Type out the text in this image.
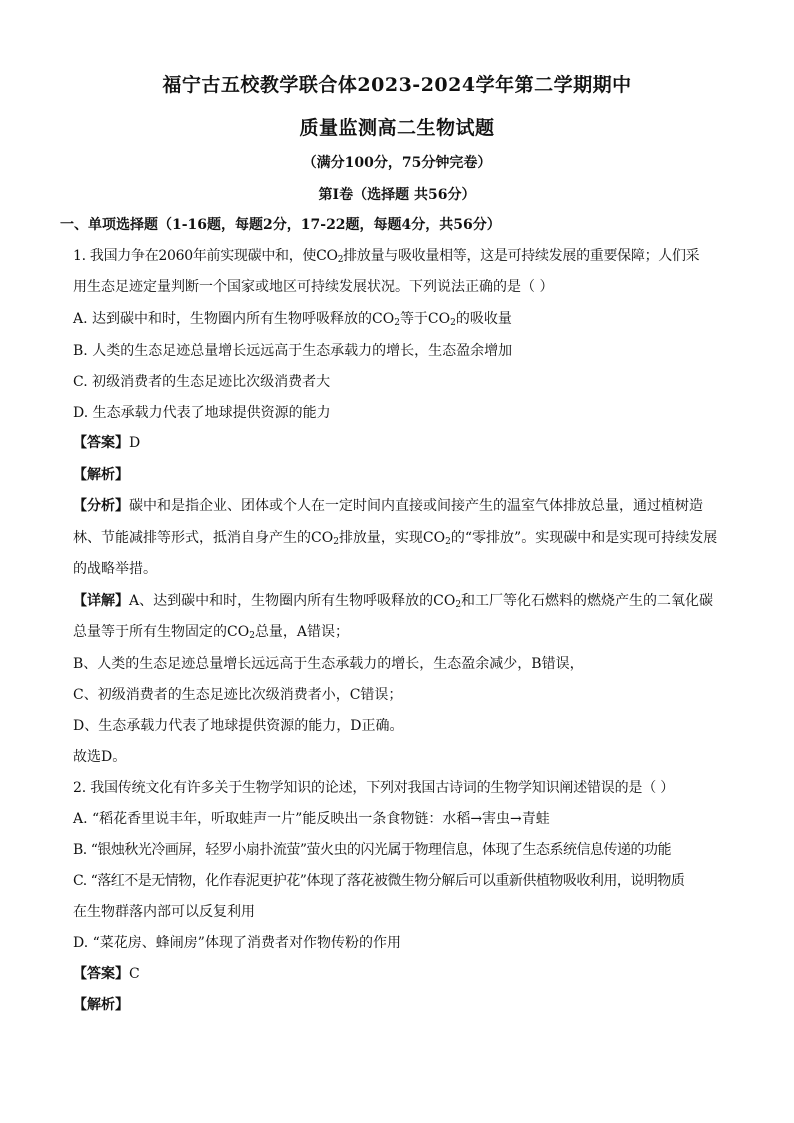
福宁古五校教学联合体2023-2024学年第二学期期中
质量监测高二生物试题
（满分100分，75分钟完卷）
第Ⅰ卷（选择题 共56分）
一、单项选择题（1-16题，每题2分，17-22题，每题4分，共56分）
1. 我国力争在2060年前实现碳中和，使$CO_2$排放量与吸收量相等，这是可持续发展的重要保障；人们采
用生态足迹定量判断一个国家或地区可持续发展状况。下列说法正确的是（ ）
A. 达到碳中和时，生物圈内所有生物呼吸释放的$CO_2$等于$CO_2$的吸收量
B. 人类的生态足迹总量增长远远高于生态承载力的增长，生态盈余增加
C. 初级消费者的生态足迹比次级消费者大
D. 生态承载力代表了地球提供资源的能力
【答案】D
【解析】
【分析】碳中和是指企业、团体或个人在一定时间内直接或间接产生的温室气体排放总量，通过植树造
林、节能减排等形式，抵消自身产生的$CO_2$排放量，实现$CO_2$的“零排放”。实现碳中和是实现可持续发展
的战略举措。
【详解】A、达到碳中和时，生物圈内所有生物呼吸释放的$CO_2$和工厂等化石燃料的燃烧产生的二氧化碳
总量等于所有生物固定的$CO_2$总量，A错误；
B、人类的生态足迹总量增长远远高于生态承载力的增长，生态盈余减少，B错误，
C、初级消费者的生态足迹比次级消费者小，C错误；
D、生态承载力代表了地球提供资源的能力，D正确。
故选D。
2. 我国传统文化有许多关于生物学知识的论述，下列对我国古诗词的生物学知识阐述错误的是（ ）
A. “稻花香里说丰年，听取蛙声一片”能反映出一条食物链：水稻→害虫→青蛙
B. “银烛秋光冷画屏，轻罗小扇扑流萤”萤火虫的闪光属于物理信息，体现了生态系统信息传递的功能
C. “落红不是无情物，化作春泥更护花”体现了落花被微生物分解后可以重新供植物吸收利用，说明物质
在生物群落内部可以反复利用
D. “菜花房、蜂闹房”体现了消费者对作物传粉的作用
【答案】C
【解析】
